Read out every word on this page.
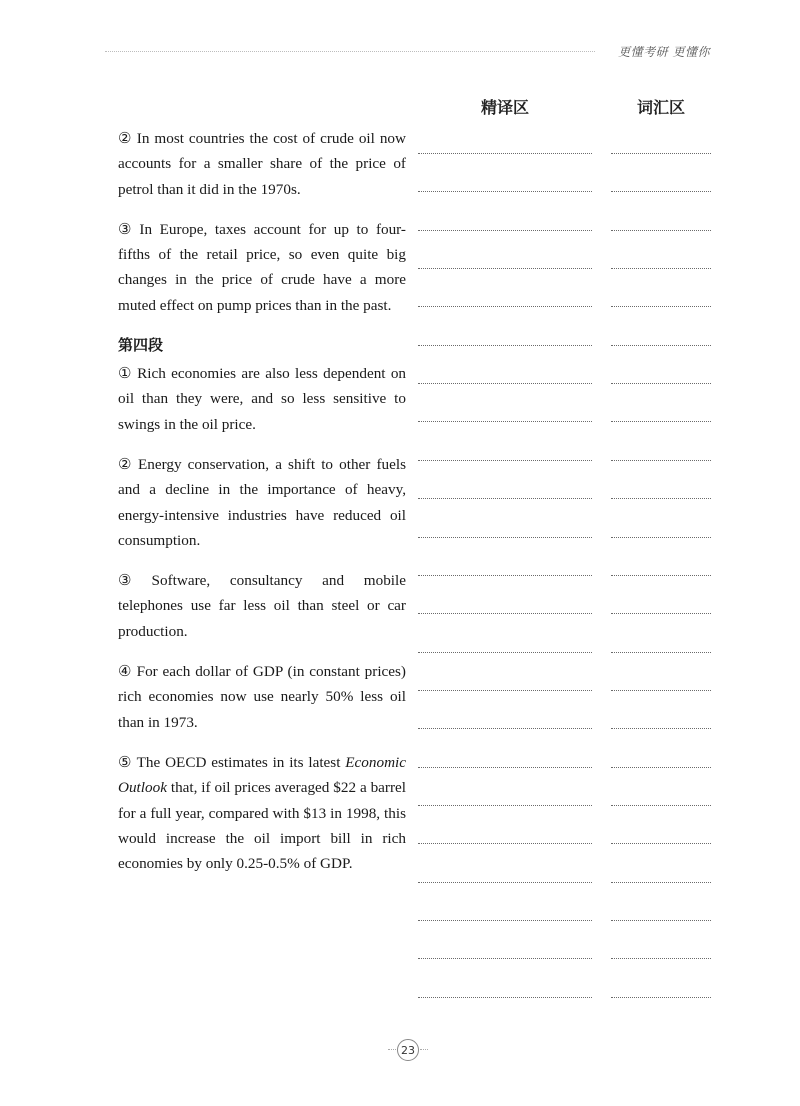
更懂考研 更懂你
精译区	词汇区

② In most countries the cost of crude oil now accounts for a smaller share of the price of petrol than it did in the 1970s.

③ In Europe, taxes account for up to four-fifths of the retail price, so even quite big changes in the price of crude have a more muted effect on pump prices than in the past.

第四段

① Rich economies are also less dependent on oil than they were, and so less sensitive to swings in the oil price.

② Energy conservation, a shift to other fuels and a decline in the importance of heavy, energy-intensive industries have reduced oil consumption.

③ Software, consultancy and mobile telephones use far less oil than steel or car production.

④ For each dollar of GDP (in constant prices) rich economies now use nearly 50% less oil than in 1973.

⑤ The OECD estimates in its latest Economic Outlook that, if oil prices averaged $22 a barrel for a full year, compared with $13 in 1998, this would increase the oil import bill in rich economies by only 0.25-0.5% of GDP.

23
